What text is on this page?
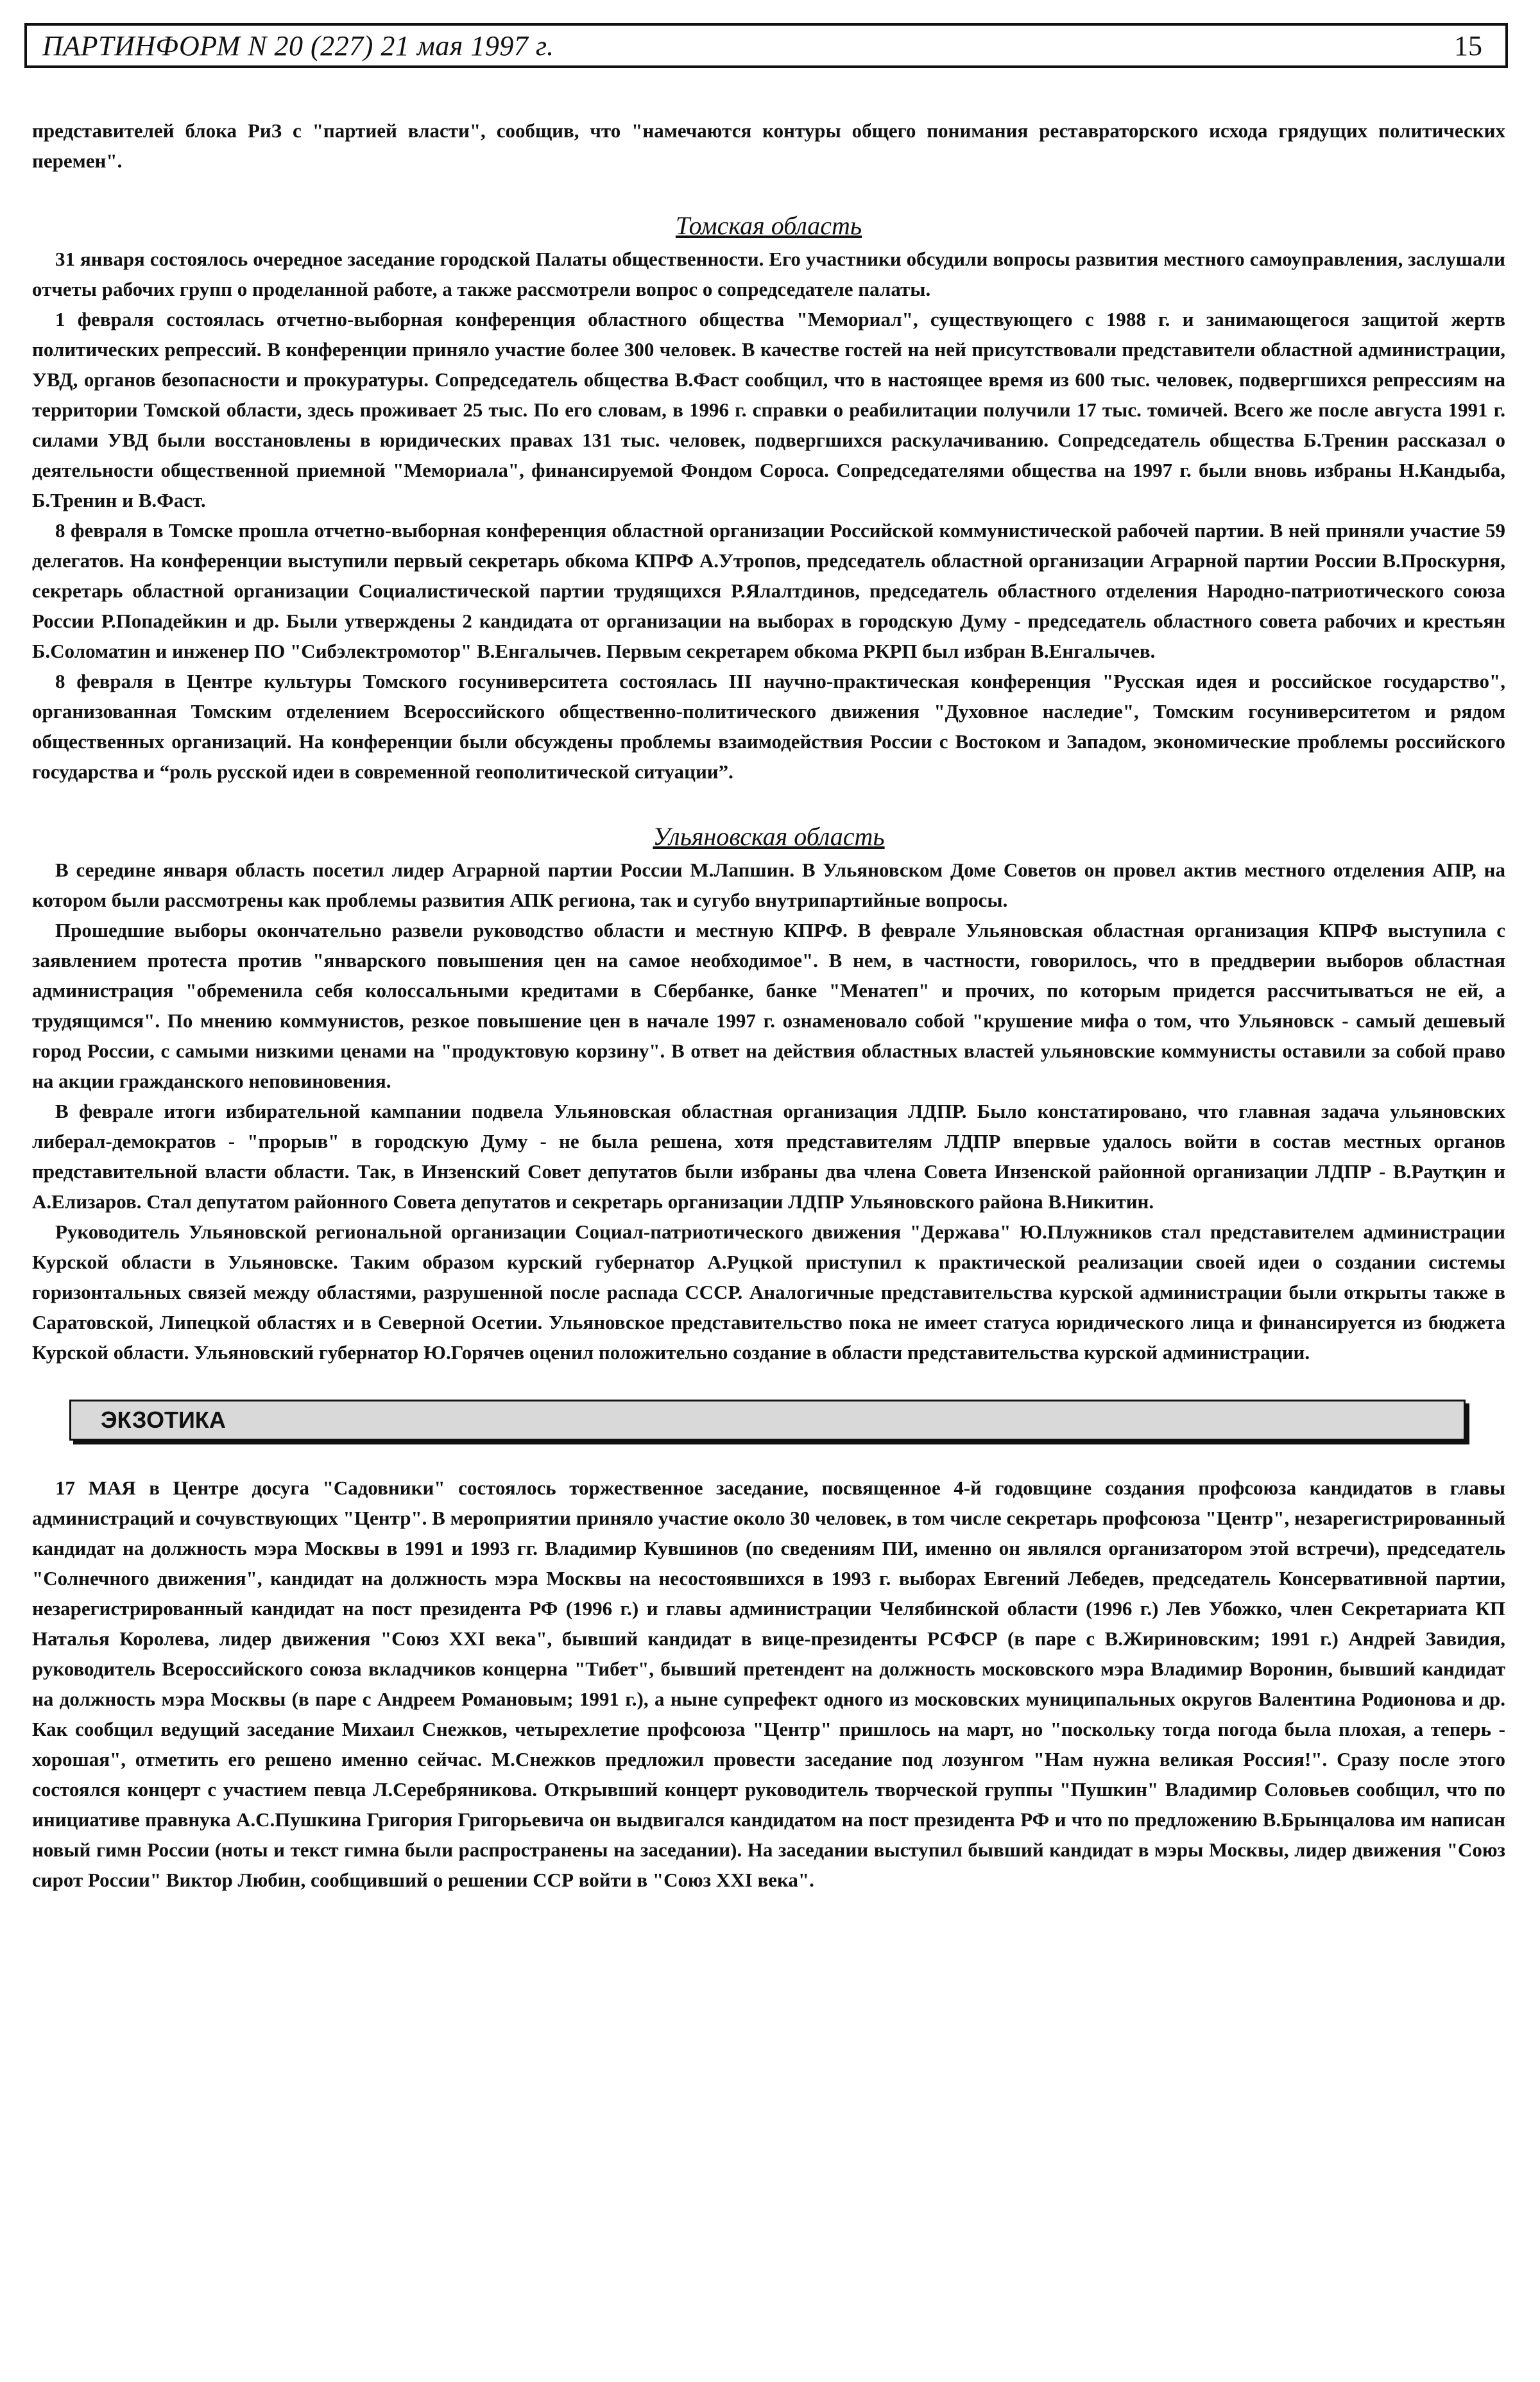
ПАРТИНФОРМ N 20 (227) 21 мая 1997 г.	15

представителей блока РиЗ с "партией власти", сообщив, что "намечаются контуры общего понимания реставраторского исхода грядущих политических перемен".

Томская область

31 января состоялось очередное заседание городской Палаты общественности. Его участники обсудили вопросы развития местного самоуправления, заслушали отчеты рабочих групп о проделанной работе, а также рассмотрели вопрос о сопредседателе палаты.

1 февраля состоялась отчетно-выборная конференция областного общества "Мемориал", существующего с 1988 г. и занимающегося защитой жертв политических репрессий. В конференции приняло участие более 300 человек. В качестве гостей на ней присутствовали представители областной администрации, УВД, органов безопасности и прокуратуры. Сопредседатель общества В.Фаст сообщил, что в настоящее время из 600 тыс. человек, подвергшихся репрессиям на территории Томской области, здесь проживает 25 тыс. По его словам, в 1996 г. справки о реабилитации получили 17 тыс. томичей. Всего же после августа 1991 г. силами УВД были восстановлены в юридических правах 131 тыс. человек, подвергшихся раскулачиванию. Сопредседатель общества Б.Тренин рассказал о деятельности общественной приемной "Мемориала", финансируемой Фондом Сороса. Сопредседателями общества на 1997 г. были вновь избраны Н.Кандыба, Б.Тренин и В.Фаст.

8 февраля в Томске прошла отчетно-выборная конференция областной организации Российской коммунистической рабочей партии. В ней приняли участие 59 делегатов. На конференции выступили первый секретарь обкома КПРФ А.Утропов, председатель областной организации Аграрной партии России В.Проскурня, секретарь областной организации Социалистической партии трудящихся Р.Ялалтдинов, председатель областного отделения Народно-патриотического союза России Р.Попадейкин и др. Были утверждены 2 кандидата от организации на выборах в городскую Думу - председатель областного совета рабочих и крестьян Б.Соломатин и инженер ПО "Сибэлектромотор" В.Енгалычев. Первым секретарем обкома РКРП был избран В.Енгалычев.

8 февраля в Центре культуры Томского госуниверситета состоялась III научно-практическая конференция "Русская идея и российское государство", организованная Томским отделением Всероссийского общественно-политического движения "Духовное наследие", Томским госуниверситетом и рядом общественных организаций. На конференции были обсуждены проблемы взаимодействия России с Востоком и Западом, экономические проблемы российского государства и “роль русской идеи в современной геополитической ситуации”.

Ульяновская область

В середине января область посетил лидер Аграрной партии России М.Лапшин. В Ульяновском Доме Советов он провел актив местного отделения АПР, на котором были рассмотрены как проблемы развития АПК региона, так и сугубо внутрипартийные вопросы.

Прошедшие выборы окончательно развели руководство области и местную КПРФ. В феврале Ульяновская областная организация КПРФ выступила с заявлением протеста против "январского повышения цен на самое необходимое". В нем, в частности, говорилось, что в преддверии выборов областная администрация "обременила себя колоссальными кредитами в Сбербанке, банке "Менатеп" и прочих, по которым придется рассчитываться не ей, а трудящимся". По мнению коммунистов, резкое повышение цен в начале 1997 г. ознаменовало собой "крушение мифа о том, что Ульяновск - самый дешевый город России, с самыми низкими ценами на "продуктовую корзину". В ответ на действия областных властей ульяновские коммунисты оставили за собой право на акции гражданского неповиновения.

В феврале итоги избирательной кампании подвела Ульяновская областная организация ЛДПР. Было констатировано, что главная задача ульяновских либерал-демократов - "прорыв" в городскую Думу - не была решена, хотя представителям ЛДПР впервые удалось войти в состав местных органов представительной власти области. Так, в Инзенский Совет депутатов были избраны два члена Совета Инзенской районной организации ЛДПР - В.Раутқин и А.Елизаров. Стал депутатом районного Совета депутатов и секретарь организации ЛДПР Ульяновского района В.Никитин.

Руководитель Ульяновской региональной организации Социал-патриотического движения "Держава" Ю.Плужников стал представителем администрации Курской области в Ульяновске. Таким образом курский губернатор А.Руцкой приступил к практической реализации своей идеи о создании системы горизонтальных связей между областями, разрушенной после распада СССР. Аналогичные представительства курской администрации были открыты также в Саратовской, Липецкой областях и в Северной Осетии. Ульяновское представительство пока не имеет статуса юридического лица и финансируется из бюджета Курской области. Ульяновский губернатор Ю.Горячев оценил положительно создание в области представительства курской администрации.

ЭКЗОТИКА

17 МАЯ в Центре досуга "Садовники" состоялось торжественное заседание, посвященное 4-й годовщине создания профсоюза кандидатов в главы администраций и сочувствующих "Центр". В мероприятии приняло участие около 30 человек, в том числе секретарь профсоюза "Центр", незарегистрированный кандидат на должность мэра Москвы в 1991 и 1993 гг. Владимир Кувшинов (по сведениям ПИ, именно он являлся организатором этой встречи), председатель "Солнечного движения", кандидат на должность мэра Москвы на несостоявшихся в 1993 г. выборах Евгений Лебедев, председатель Консервативной партии, незарегистрированный кандидат на пост президента РФ (1996 г.) и главы администрации Челябинской области (1996 г.) Лев Убожко, член Секретариата КП Наталья Королева, лидер движения "Союз XXI века", бывший кандидат в вице-президенты РСФСР (в паре с В.Жириновским; 1991 г.) Андрей Завидия, руководитель Всероссийского союза вкладчиков концерна "Тибет", бывший претендент на должность московского мэра Владимир Воронин, бывший кандидат на должность мэра Москвы (в паре с Андреем Романовым; 1991 г.), а ныне супрефект одного из московских муниципальных округов Валентина Родионова и др. Как сообщил ведущий заседание Михаил Снежков, четырехлетие профсоюза "Центр" пришлось на март, но "поскольку тогда погода была плохая, а теперь - хорошая", отметить его решено именно сейчас. М.Снежков предложил провести заседание под лозунгом "Нам нужна великая Россия!". Сразу после этого состоялся концерт с участием певца Л.Серебряникова. Открывший концерт руководитель творческой группы "Пушкин" Владимир Соловьев сообщил, что по инициативе правнука А.С.Пушкина Григория Григорьевича он выдвигался кандидатом на пост президента РФ и что по предложению В.Брынцалова им написан новый гимн России (ноты и текст гимна были распространены на заседании). На заседании выступил бывший кандидат в мэры Москвы, лидер движения "Союз сирот России" Виктор Любин, сообщивший о решении ССР войти в "Союз XXI века".
